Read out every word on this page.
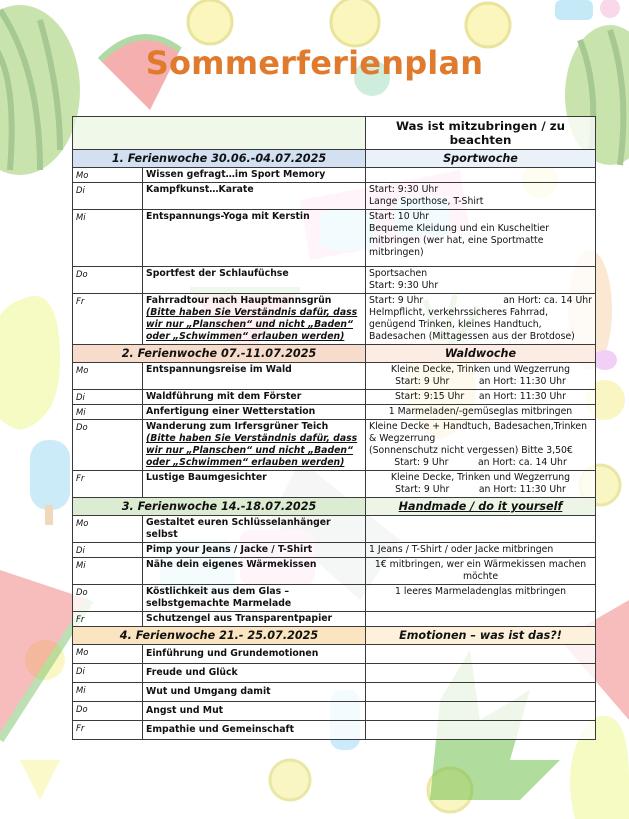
Sommerferienplan
		Was ist mitzubringen / zu beachten
1. Ferienwoche 30.06.-04.07.2025		Sportwoche
Mo	Wissen gefragt…im Sport Memory	
Di	Kampfkunst…Karate	Start: 9:30 Uhr
Lange Sporthose, T-Shirt

Mi	Entspannungs-Yoga mit Kerstin	Start: 10 Uhr
Bequeme Kleidung und ein Kuscheltier mitbringen (wer hat, eine Sportmatte mitbringen)

Do	Sportfest der Schlaufüchse	Sportsachen
Start: 9:30 Uhr

Fr	Fahrradtour nach Hauptmannsgrün
(Bitte haben Sie Verständnis dafür, dass wir nur „Planschen“ und nicht „Baden“ oder „Schwimmen“ erlauben werden)	Start: 9 Uhr an Hort: ca. 14 Uhr
Helmpflicht, verkehrssicheres Fahrrad, genügend Trinken, kleines Handtuch, Badesachen (Mittagessen aus der Brotdose)

2. Ferienwoche 07.-11.07.2025		Waldwoche
Mo	Entspannungsreise im Wald	Kleine Decke, Trinken und Wegzerrung
Start: 9 Uhr          an Hort: 11:30 Uhr

Di	Waldführung mit dem Förster	Start: 9:15 Uhr     an Hort: 11:30 Uhr

Mi	Anfertigung einer Wetterstation	1 Marmeladen/-gemüseglas mitbringen

Do	Wanderung zum Irfersgrüner Teich
(Bitte haben Sie Verständnis dafür, dass wir nur „Planschen“ und nicht „Baden“ oder „Schwimmen“ erlauben werden)	Kleine Decke + Handtuch, Badesachen,Trinken & Wegzerrung
(Sonnenschutz nicht vergessen) Bitte 3,50€
Start: 9 Uhr          an Hort: ca. 14 Uhr

Fr	Lustige Baumgesichter	Kleine Decke, Trinken und Wegzerrung
Start: 9 Uhr          an Hort: 11:30 Uhr

3. Ferienwoche 14.-18.07.2025		Handmade / do it yourself
Mo	Gestaltet euren Schlüsselanhänger selbst	
Di	Pimp your Jeans / Jacke / T-Shirt	1 Jeans / T-Shirt / oder Jacke mitbringen

Mi	Nähe dein eigenes Wärmekissen	1€ mitbringen, wer ein Wärmekissen machen möchte

Do	Köstlichkeit aus dem Glas – selbstgemachte Marmelade	1 leeres Marmeladenglas mitbringen

Fr	Schutzengel aus Transparentpapier	
4. Ferienwoche 21.- 25.07.2025		Emotionen – was ist das?!
Mo	Einführung und Grundemotionen	
Di	Freude und Glück	
Mi	Wut und Umgang damit	
Do	Angst und Mut	
Fr	Empathie und Gemeinschaft	
